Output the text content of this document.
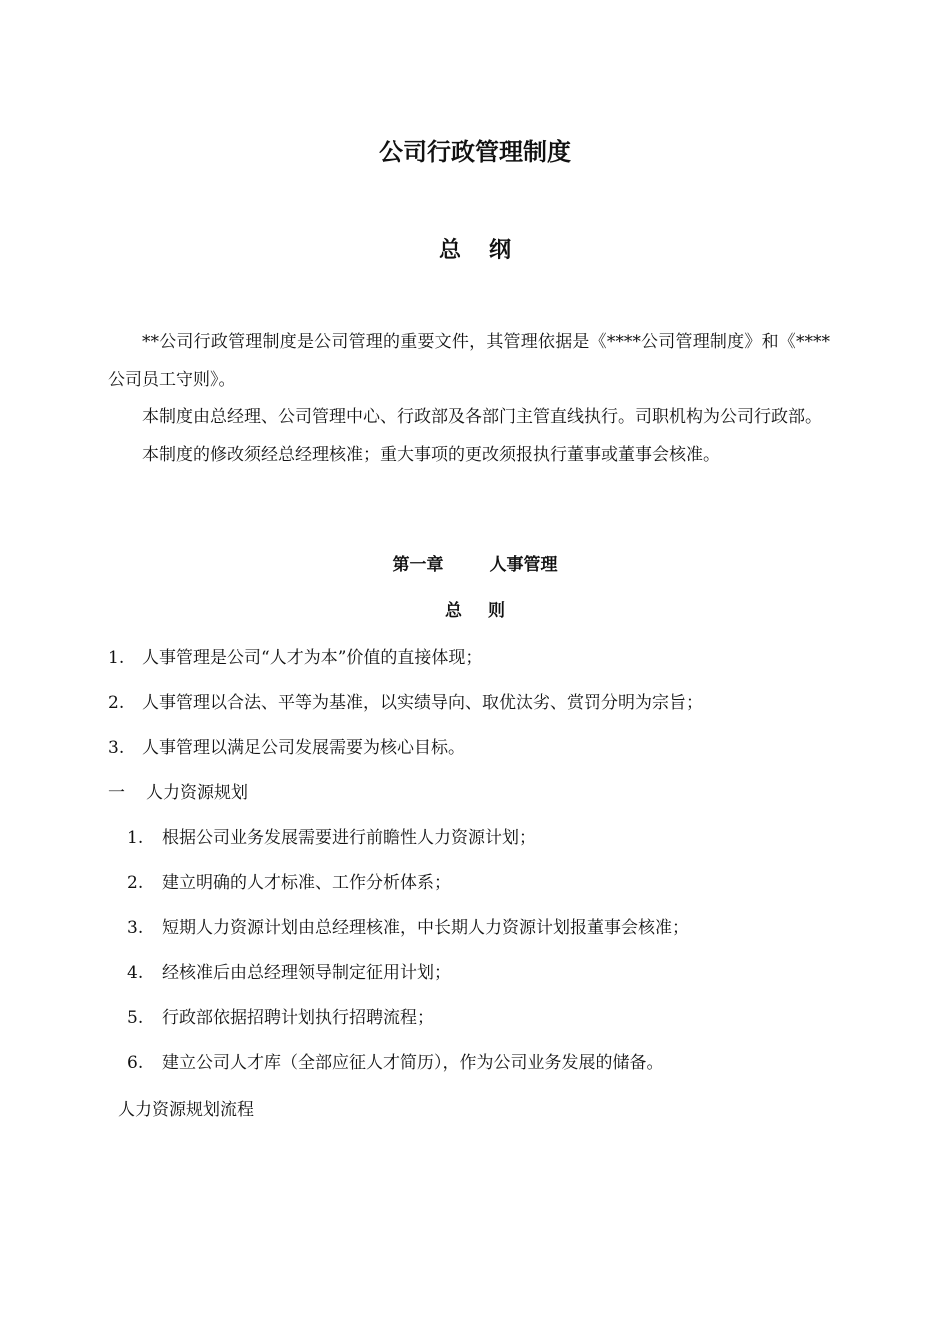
公司行政管理制度
总 纲

**公司行政管理制度是公司管理的重要文件，其管理依据是《****公司管理制度》和《****公司员工守则》。

本制度由总经理、公司管理中心、行政部及各部门主管直线执行。司职机构为公司行政部。

本制度的修改须经总经理核准；重大事项的更改须报执行董事或董事会核准。

第一章	人事管理
总 则
1. 人事管理是公司“人才为本”价值的直接体现；
2. 人事管理以合法、平等为基准，以实绩导向、取优汰劣、赏罚分明为宗旨；
3. 人事管理以满足公司发展需要为核心目标。

一 人力资源规划

1. 根据公司业务发展需要进行前瞻性人力资源计划；
2. 建立明确的人才标准、工作分析体系；
3. 短期人力资源计划由总经理核准，中长期人力资源计划报董事会核准；
4. 经核准后由总经理领导制定征用计划；
5. 行政部依据招聘计划执行招聘流程；
6. 建立公司人才库（全部应征人才简历），作为公司业务发展的储备。

人力资源规划流程
